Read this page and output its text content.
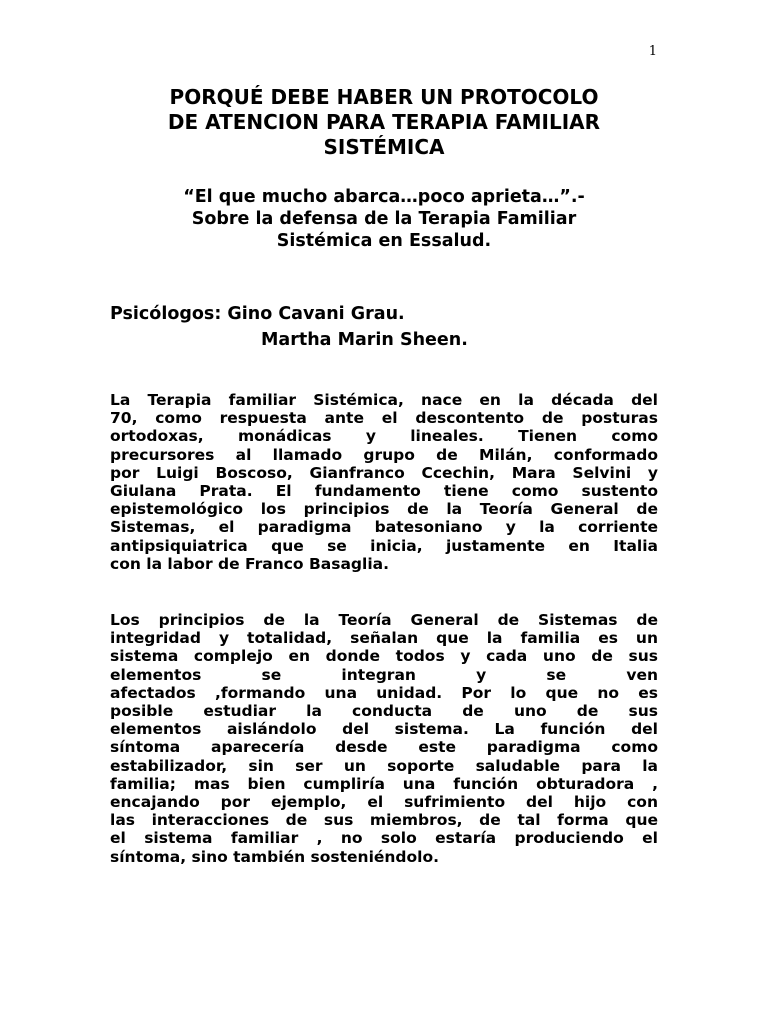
1
PORQUÉ DEBE HABER UN PROTOCOLO
DE ATENCION PARA TERAPIA FAMILIAR
SISTÉMICA
“El que mucho abarca…poco aprieta…”.-
Sobre la defensa de la Terapia Familiar
Sistémica en Essalud.
Psicólogos: Gino Cavani Grau.
Martha Marin Sheen.

La Terapia familiar Sistémica, nace en la década del
70, como respuesta ante el descontento de posturas
ortodoxas, monádicas y lineales. Tienen como
precursores al llamado grupo de Milán, conformado
por Luigi Boscoso, Gianfranco Ccechin, Mara Selvini y
Giulana Prata. El fundamento tiene como sustento
epistemológico los principios de la Teoría General de
Sistemas, el paradigma batesoniano y la corriente
antipsiquiatrica que se inicia, justamente en Italia
con la labor de Franco Basaglia.

Los principios de la Teoría General de Sistemas de
integridad y totalidad, señalan que la familia es un
sistema complejo en donde todos y cada uno de sus
elementos se integran y se ven
afectados ,formando una unidad. Por lo que no es
posible estudiar la conducta de uno de sus
elementos aislándolo del sistema. La función del
síntoma aparecería desde este paradigma como
estabilizador, sin ser un soporte saludable para la
familia; mas bien cumpliría una función obturadora ,
encajando por ejemplo, el sufrimiento del hijo con
las interacciones de sus miembros, de tal forma que
el sistema familiar , no solo estaría produciendo el
síntoma, sino también sosteniéndolo.
